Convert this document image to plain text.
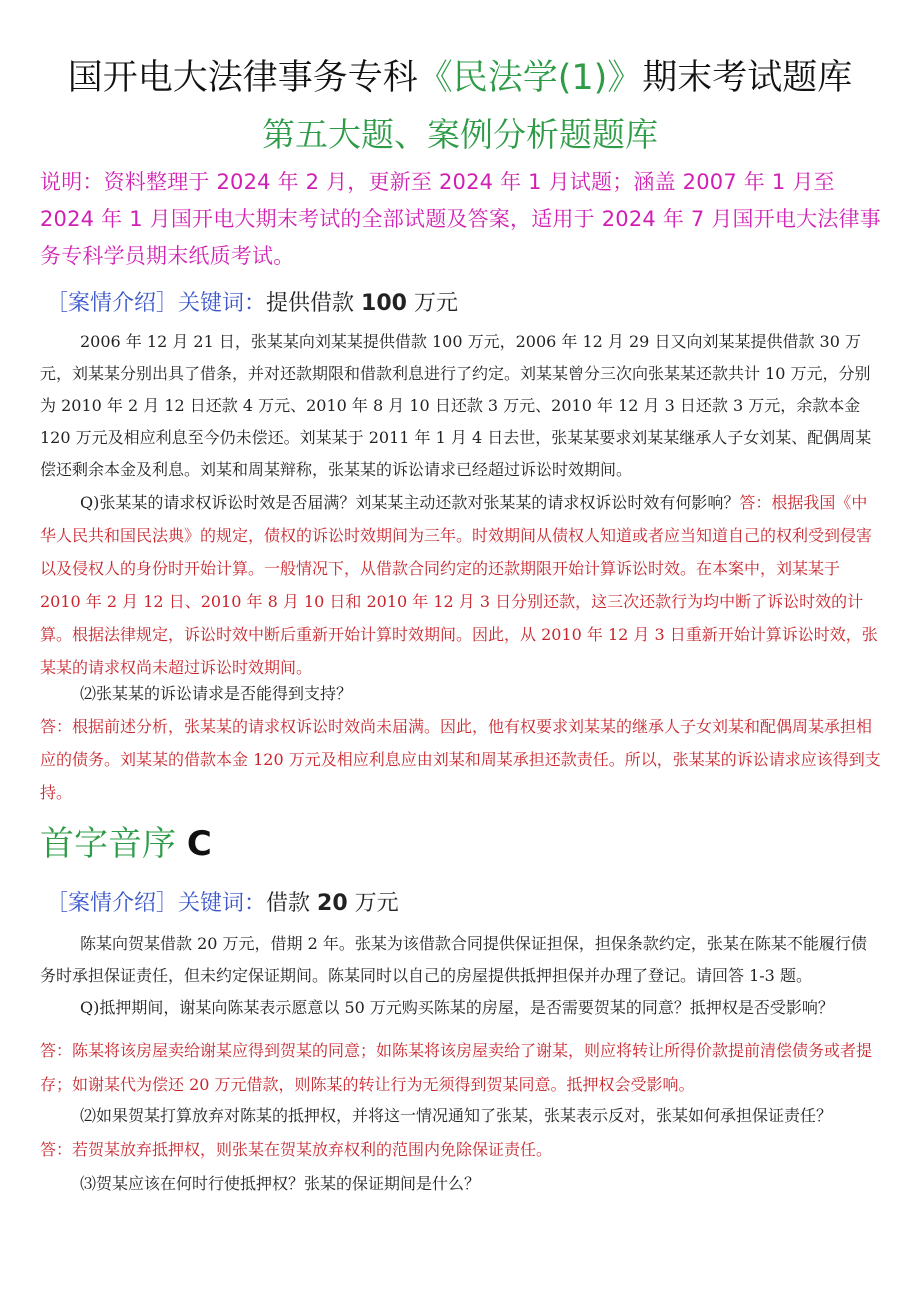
国开电大法律事务专科《民法学(1)》期末考试题库
第五大题、案例分析题题库
说明：资料整理于 2024 年 2 月，更新至 2024 年 1 月试题；涵盖 2007 年 1 月至 2024 年 1 月国开电大期末考试的全部试题及答案，适用于 2024 年 7 月国开电大法律事务专科学员期末纸质考试。
［案情介绍］关键词：提供借款 100 万元
2006 年 12 月 21 日，张某某向刘某某提供借款 100 万元，2006 年 12 月 29 日又向刘某某提供借款 30 万元，刘某某分别出具了借条，并对还款期限和借款利息进行了约定。刘某某曾分三次向张某某还款共计 10 万元，分别为 2010 年 2 月 12 日还款 4 万元、2010 年 8 月 10 日还款 3 万元、2010 年 12 月 3 日还款 3 万元，余款本金 120 万元及相应利息至今仍未偿还。刘某某于 2011 年 1 月 4 日去世，张某某要求刘某某继承人子女刘某、配偶周某偿还剩余本金及利息。刘某和周某辩称，张某某的诉讼请求已经超过诉讼时效期间。
Q)张某某的请求权诉讼时效是否届满？刘某某主动还款对张某某的请求权诉讼时效有何影响？答：根据我国《中华人民共和国民法典》的规定，债权的诉讼时效期间为三年。时效期间从债权人知道或者应当知道自己的权利受到侵害以及侵权人的身份时开始计算。一般情况下，从借款合同约定的还款期限开始计算诉讼时效。在本案中，刘某某于 2010 年 2 月 12 日、2010 年 8 月 10 日和 2010 年 12 月 3 日分别还款，这三次还款行为均中断了诉讼时效的计算。根据法律规定，诉讼时效中断后重新开始计算时效期间。因此，从 2010 年 12 月 3 日重新开始计算诉讼时效，张某某的请求权尚未超过诉讼时效期间。
⑵张某某的诉讼请求是否能得到支持？
答：根据前述分析，张某某的请求权诉讼时效尚未届满。因此，他有权要求刘某某的继承人子女刘某和配偶周某承担相应的债务。刘某某的借款本金 120 万元及相应利息应由刘某和周某承担还款责任。所以，张某某的诉讼请求应该得到支持。
首字音序 C
［案情介绍］关键词：借款 20 万元
陈某向贺某借款 20 万元，借期 2 年。张某为该借款合同提供保证担保，担保条款约定，张某在陈某不能履行债务时承担保证责任，但未约定保证期间。陈某同时以自己的房屋提供抵押担保并办理了登记。请回答 1-3 题。
Q)抵押期间，谢某向陈某表示愿意以 50 万元购买陈某的房屋，是否需要贺某的同意？抵押权是否受影响？
答：陈某将该房屋卖给谢某应得到贺某的同意；如陈某将该房屋卖给了谢某，则应将转让所得价款提前清偿债务或者提存；如谢某代为偿还 20 万元借款，则陈某的转让行为无须得到贺某同意。抵押权会受影响。
⑵如果贺某打算放弃对陈某的抵押权，并将这一情况通知了张某，张某表示反对，张某如何承担保证责任？
答：若贺某放弃抵押权，则张某在贺某放弃权利的范围内免除保证责任。
⑶贺某应该在何时行使抵押权？张某的保证期间是什么？
